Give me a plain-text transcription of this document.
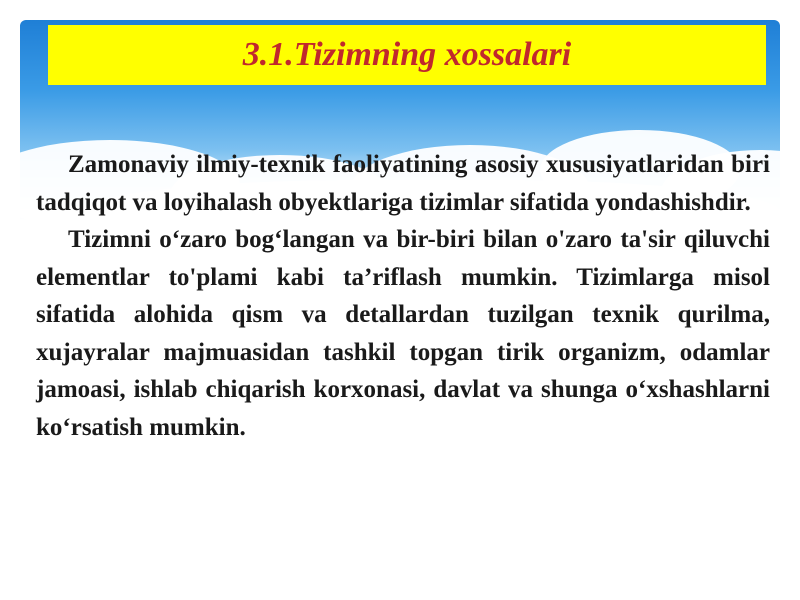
3.1.Tizimning xossalari

Zamonaviy ilmiy-texnik faoliyatining asosiy xususiyatlaridan biri tadqiqot va loyihalash obyektlariga tizimlar sifatida yondashishdir.

Tizimni o‘zaro bog‘langan va bir-biri bilan o'zaro ta'sir qiluvchi elementlar to'plami kabi ta’riflash mumkin. Tizimlarga misol sifatida alohida qism va detallardan tuzilgan texnik qurilma, xujayralar majmuasidan tashkil topgan tirik organizm, odamlar jamoasi, ishlab chiqarish korxonasi, davlat va shunga o‘xshashlarni ko‘rsatish mumkin.
